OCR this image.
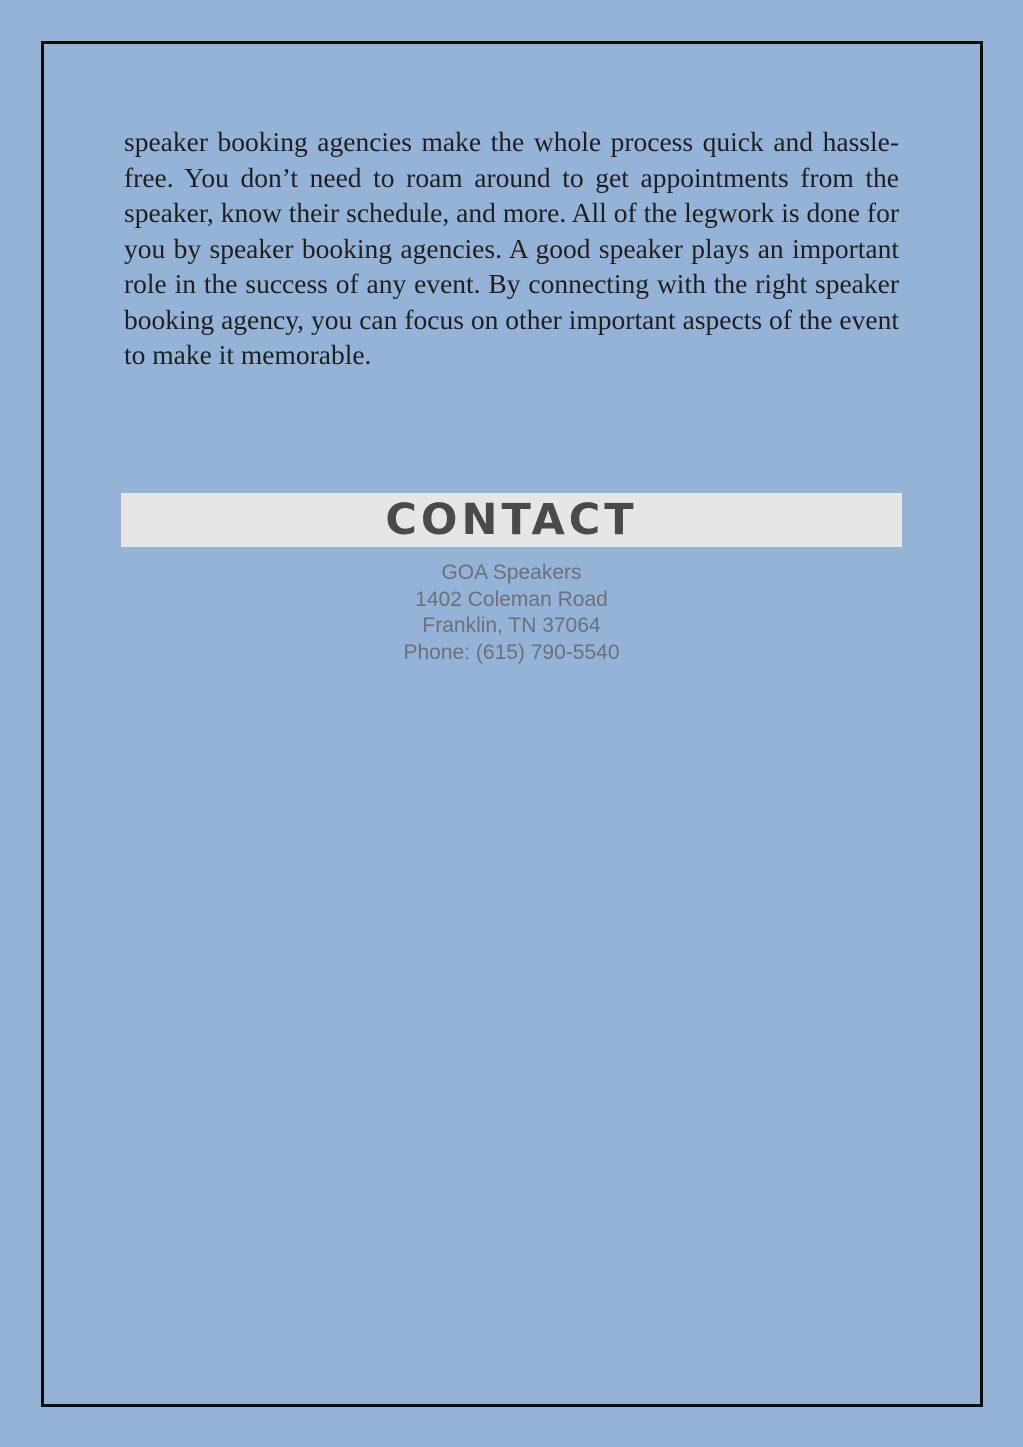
speaker booking agencies make the whole process quick and hassle-free. You don’t need to roam around to get appointments from the speaker, know their schedule, and more. All of the legwork is done for you by speaker booking agencies. A good speaker plays an important role in the success of any event. By connecting with the right speaker booking agency, you can focus on other important aspects of the event to make it memorable.

CONTACT
GOA Speakers
1402 Coleman Road
Franklin, TN 37064
Phone: (615) 790-5540
